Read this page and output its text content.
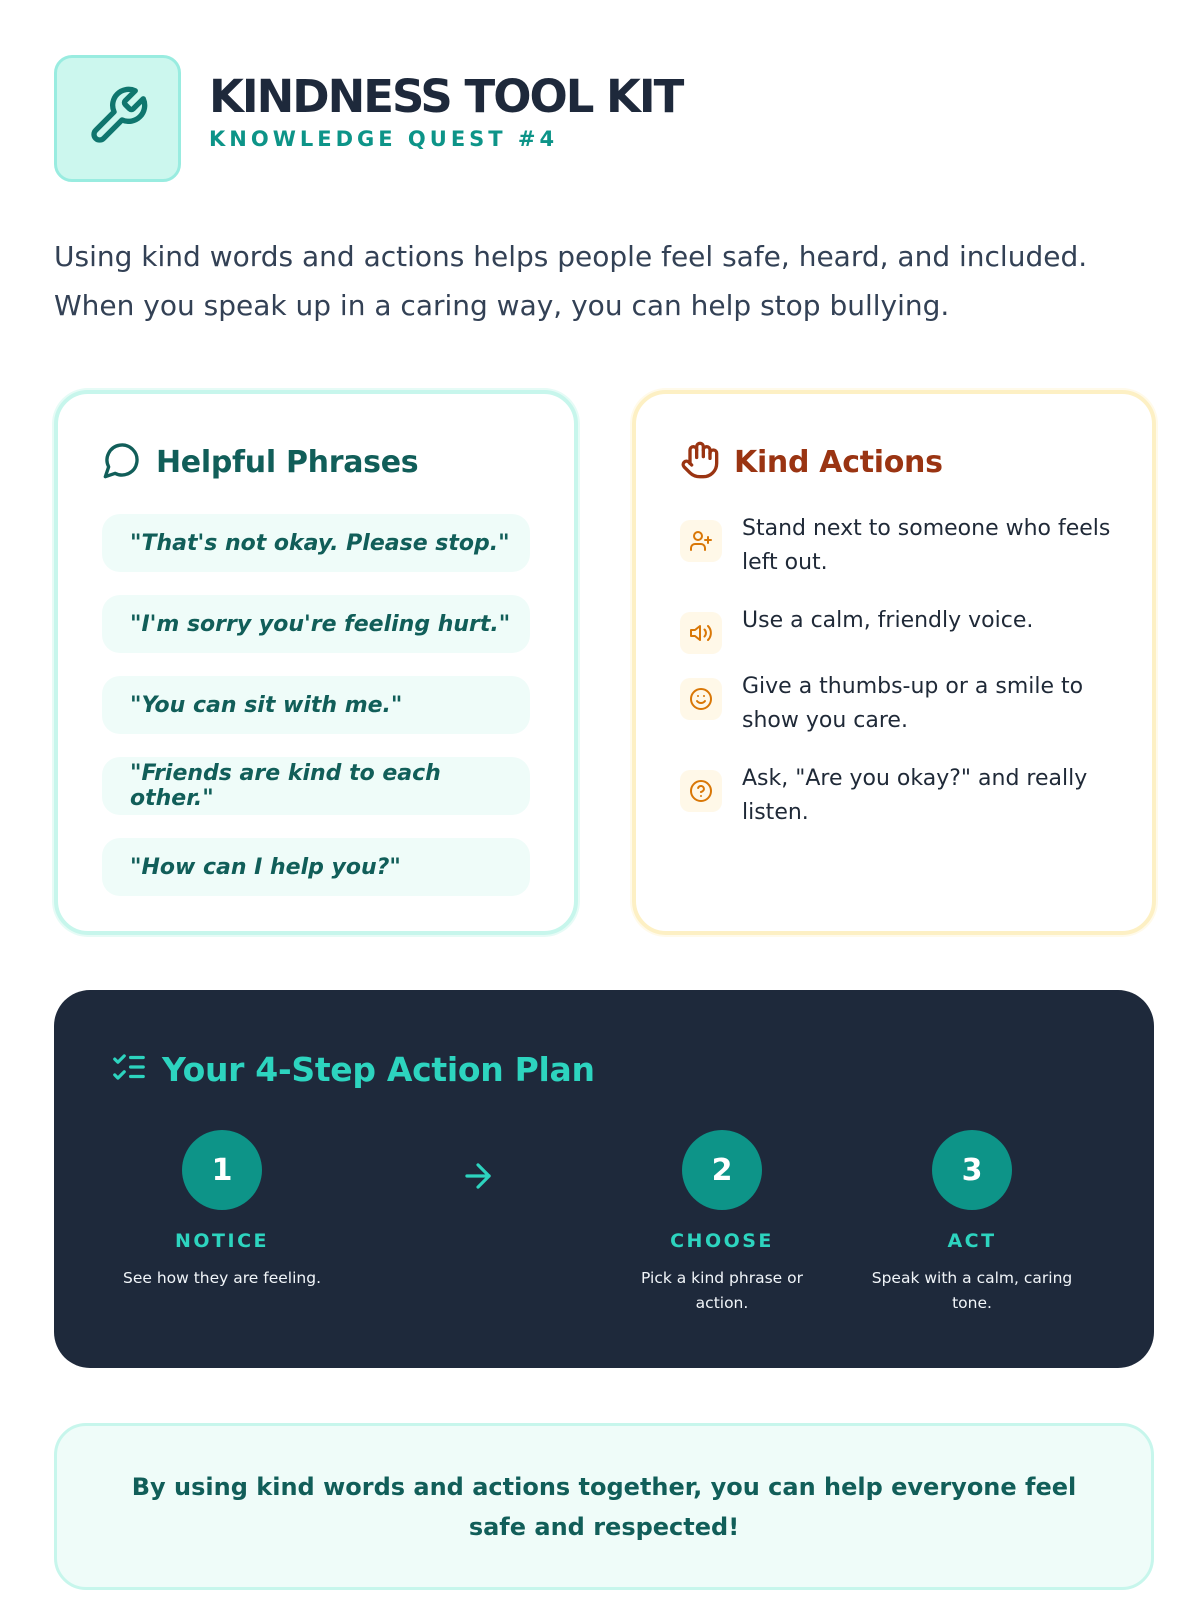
KINDNESS TOOL KIT
KNOWLEDGE QUEST #4

Using kind words and actions helps people feel safe, heard, and included. When you speak up in a caring way, you can help stop bullying.

Helpful Phrases
"That's not okay. Please stop."
"I'm sorry you're feeling hurt."
"You can sit with me."
"Friends are kind to each other."
"How can I help you?"
Kind Actions
Stand next to someone who feels left out.
Use a calm, friendly voice.
Give a thumbs-up or a smile to show you care.
Ask, "Are you okay?" and really listen.
Your 4-Step Action Plan
1
NOTICE
See how they are feeling.
2
CHOOSE
Pick a kind phrase or action.
3
ACT
Speak with a calm, caring tone.

By using kind words and actions together, you can help everyone feel safe and respected!
